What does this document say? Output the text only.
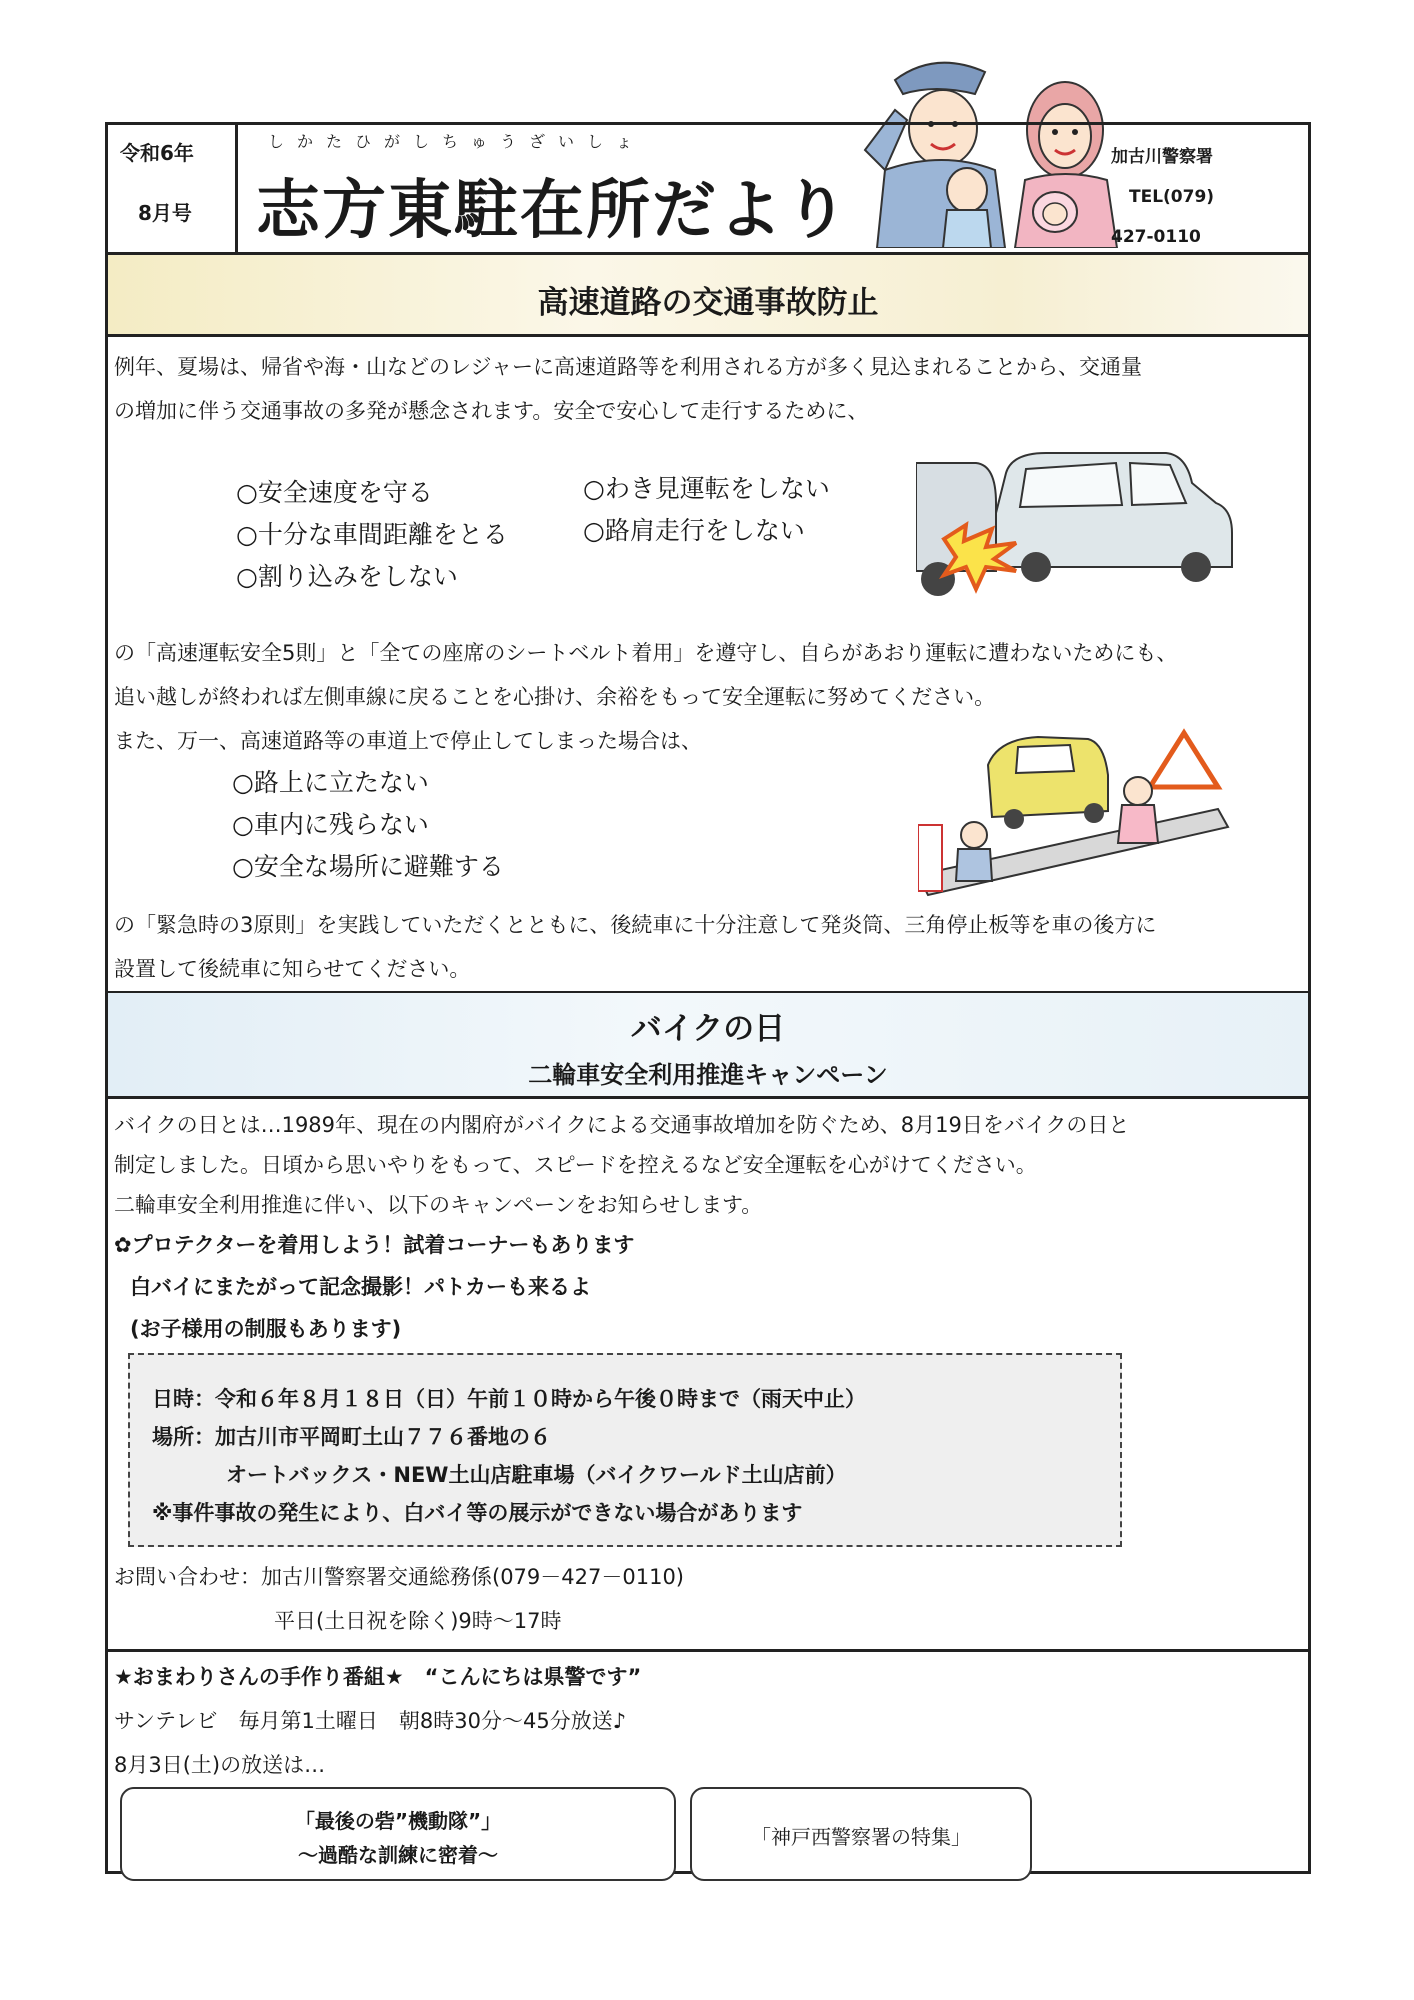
令和6年
8月号
しかたひがしちゅうざいしょ
志方東駐在所だより
加古川警察署
TEL(079)
427-0110
高速道路の交通事故防止
例年、夏場は、帰省や海・山などのレジャーに高速道路等を利用される方が多く見込まれることから、交通量
の増加に伴う交通事故の多発が懸念されます。安全で安心して走行するために、
○安全速度を守る	○わき見運転をしない
○十分な車間距離をとる	○路肩走行をしない
○割り込みをしない
の「高速運転安全5則」と「全ての座席のシートベルト着用」を遵守し、自らがあおり運転に遭わないためにも、
追い越しが終われば左側車線に戻ることを心掛け、余裕をもって安全運転に努めてください。
また、万一、高速道路等の車道上で停止してしまった場合は、
○路上に立たない
○車内に残らない
○安全な場所に避難する
の「緊急時の3原則」を実践していただくとともに、後続車に十分注意して発炎筒、三角停止板等を車の後方に
設置して後続車に知らせてください。
バイクの日
二輪車安全利用推進キャンペーン
バイクの日とは…1989年、現在の内閣府がバイクによる交通事故増加を防ぐため、8月19日をバイクの日と
制定しました。日頃から思いやりをもって、スピードを控えるなど安全運転を心がけてください。
二輪車安全利用推進に伴い、以下のキャンペーンをお知らせします。
✿プロテクターを着用しよう！試着コーナーもあります
白バイにまたがって記念撮影！パトカーも来るよ
(お子様用の制服もあります)
日時：令和６年８月１８日（日）午前１０時から午後０時まで（雨天中止）
場所：加古川市平岡町土山７７６番地の６
オートバックス・NEW土山店駐車場（バイクワールド土山店前）
※事件事故の発生により、白バイ等の展示ができない場合があります
お問い合わせ：加古川警察署交通総務係(079－427－0110)
平日(土日祝を除く)9時～17時
★おまわりさんの手作り番組★　“こんにちは県警です”
サンテレビ　毎月第1土曜日　朝8時30分～45分放送♪
8月3日(土)の放送は…
「最後の砦”機動隊”」
～過酷な訓練に密着～
「神戸西警察署の特集」
